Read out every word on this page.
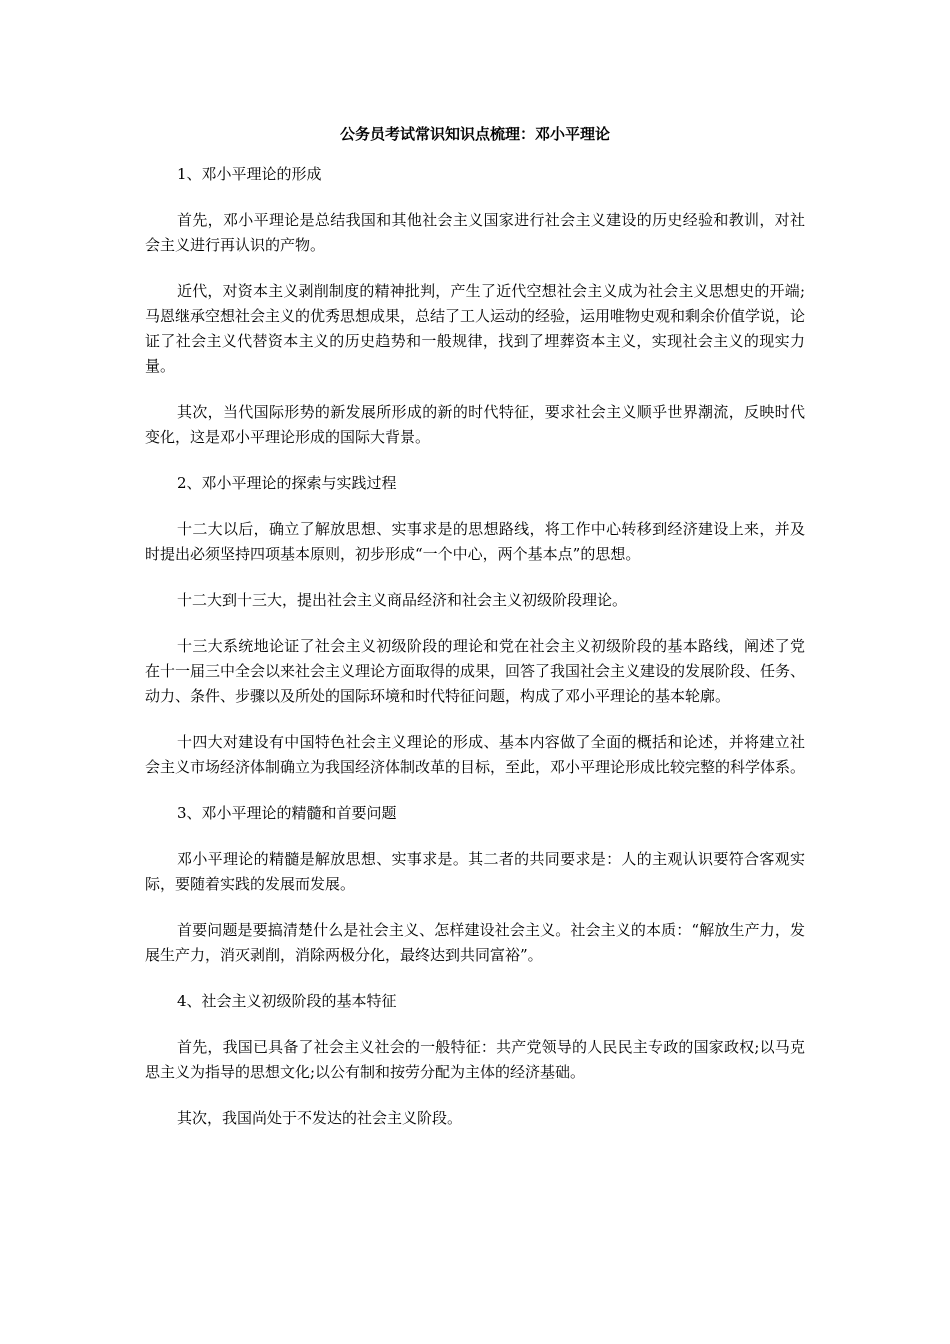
公务员考试常识知识点梳理：邓小平理论

1、邓小平理论的形成

首先，邓小平理论是总结我国和其他社会主义国家进行社会主义建设的历史经验和教训，对社会主义进行再认识的产物。

近代，对资本主义剥削制度的精神批判，产生了近代空想社会主义成为社会主义思想史的开端;马恩继承空想社会主义的优秀思想成果，总结了工人运动的经验，运用唯物史观和剩余价值学说，论证了社会主义代替资本主义的历史趋势和一般规律，找到了埋葬资本主义，实现社会主义的现实力量。

其次，当代国际形势的新发展所形成的新的时代特征，要求社会主义顺乎世界潮流，反映时代变化，这是邓小平理论形成的国际大背景。

2、邓小平理论的探索与实践过程

十二大以后，确立了解放思想、实事求是的思想路线，将工作中心转移到经济建设上来，并及时提出必须坚持四项基本原则，初步形成“一个中心，两个基本点”的思想。

十二大到十三大，提出社会主义商品经济和社会主义初级阶段理论。

十三大系统地论证了社会主义初级阶段的理论和党在社会主义初级阶段的基本路线，阐述了党在十一届三中全会以来社会主义理论方面取得的成果，回答了我国社会主义建设的发展阶段、任务、动力、条件、步骤以及所处的国际环境和时代特征问题，构成了邓小平理论的基本轮廓。

十四大对建设有中国特色社会主义理论的形成、基本内容做了全面的概括和论述，并将建立社会主义市场经济体制确立为我国经济体制改革的目标，至此，邓小平理论形成比较完整的科学体系。

3、邓小平理论的精髓和首要问题

邓小平理论的精髓是解放思想、实事求是。其二者的共同要求是：人的主观认识要符合客观实际，要随着实践的发展而发展。

首要问题是要搞清楚什么是社会主义、怎样建设社会主义。社会主义的本质：“解放生产力，发展生产力，消灭剥削，消除两极分化，最终达到共同富裕”。

4、社会主义初级阶段的基本特征

首先，我国已具备了社会主义社会的一般特征：共产党领导的人民民主专政的国家政权;以马克思主义为指导的思想文化;以公有制和按劳分配为主体的经济基础。

其次，我国尚处于不发达的社会主义阶段。
